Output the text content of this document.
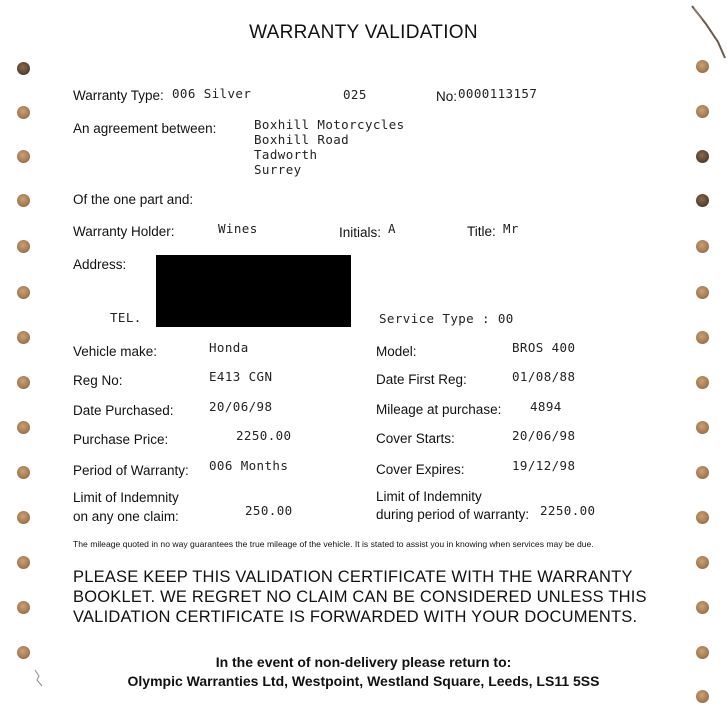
WARRANTY VALIDATION
Warranty Type: 006 Silver	025	No: 0000113157
An agreement between:	Boxhill Motorcycles
Boxhill Road
Tadworth
Surrey
Of the one part and:
Warranty Holder:	Wines	Initials: A	Title: Mr
Address:
TEL.	Service Type : 00
Vehicle make:	Honda	Model:	BROS 400
Reg No:	E413 CGN	Date First Reg:	01/08/88
Date Purchased:	20/06/98	Mileage at purchase: 4894
Purchase Price:	2250.00	Cover Starts:	20/06/98
Period of Warranty: 006 Months	Cover Expires:	19/12/98
Limit of Indemnity
on any one claim:	250.00
Limit of Indemnity
during period of warranty: 2250.00
The mileage quoted in no way guarantees the true mileage of the vehicle. It is stated to assist you in knowing when services may be due.
PLEASE KEEP THIS VALIDATION CERTIFICATE WITH THE WARRANTY
BOOKLET. WE REGRET NO CLAIM CAN BE CONSIDERED UNLESS THIS
VALIDATION CERTIFICATE IS FORWARDED WITH YOUR DOCUMENTS.
In the event of non-delivery please return to:
Olympic Warranties Ltd, Westpoint, Westland Square, Leeds, LS11 5SS
